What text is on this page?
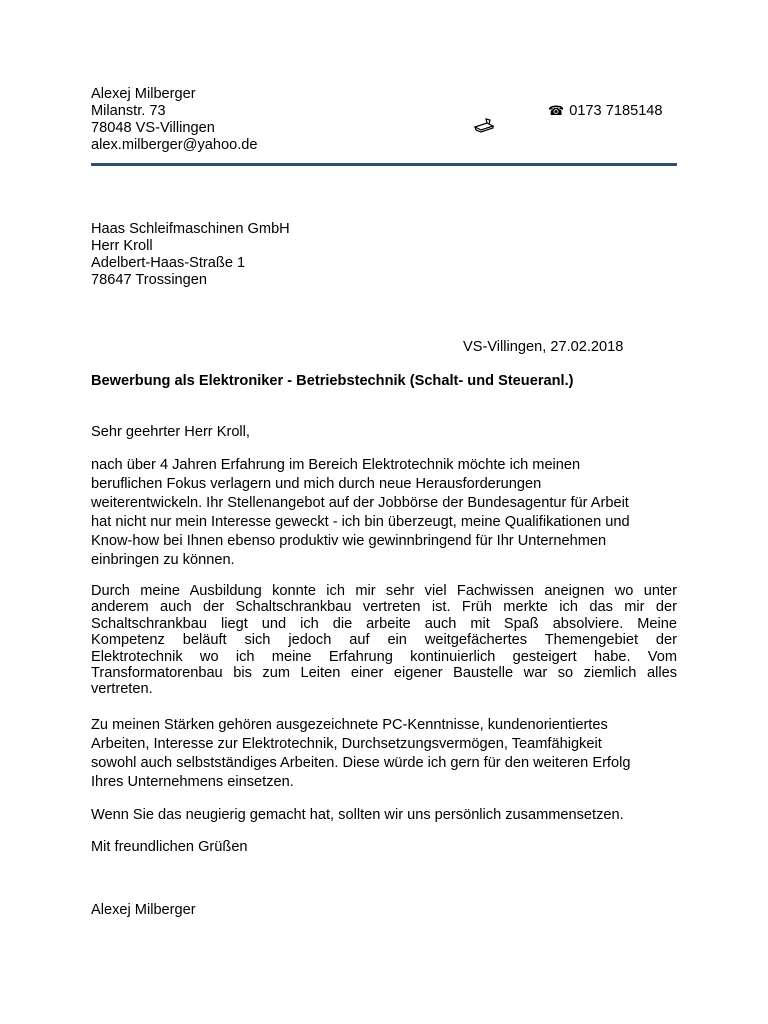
Alexej Milberger
Milanstr. 73
78048 VS-Villingen
alex.milberger@yahoo.de
☎ 0173 7185148
Haas Schleifmaschinen GmbH
Herr Kroll
Adelbert-Haas-Straße 1
78647 Trossingen
VS-Villingen, 27.02.2018
Bewerbung als Elektroniker - Betriebstechnik (Schalt- und Steueranl.)
Sehr geehrter Herr Kroll,
nach über 4 Jahren Erfahrung im Bereich Elektrotechnik möchte ich meinen
beruflichen Fokus verlagern und mich durch neue Herausforderungen
weiterentwickeln. Ihr Stellenangebot auf der Jobbörse der Bundesagentur für Arbeit
hat nicht nur mein Interesse geweckt - ich bin überzeugt, meine Qualifikationen und
Know-how bei Ihnen ebenso produktiv wie gewinnbringend für Ihr Unternehmen
einbringen zu können.
Durch meine Ausbildung konnte ich mir sehr viel Fachwissen aneignen wo unter
anderem auch der Schaltschrankbau vertreten ist. Früh merkte ich das mir der
Schaltschrankbau liegt und ich die arbeite auch mit Spaß absolviere. Meine
Kompetenz beläuft sich jedoch auf ein weitgefächertes Themengebiet der
Elektrotechnik wo ich meine Erfahrung kontinuierlich gesteigert habe. Vom
Transformatorenbau bis zum Leiten einer eigener Baustelle war so ziemlich alles
vertreten.
Zu meinen Stärken gehören ausgezeichnete PC-Kenntnisse, kundenorientiertes
Arbeiten, Interesse zur Elektrotechnik, Durchsetzungsvermögen, Teamfähigkeit
sowohl auch selbstständiges Arbeiten. Diese würde ich gern für den weiteren Erfolg
Ihres Unternehmens einsetzen.
Wenn Sie das neugierig gemacht hat, sollten wir uns persönlich zusammensetzen.
Mit freundlichen Grüßen
Alexej Milberger
